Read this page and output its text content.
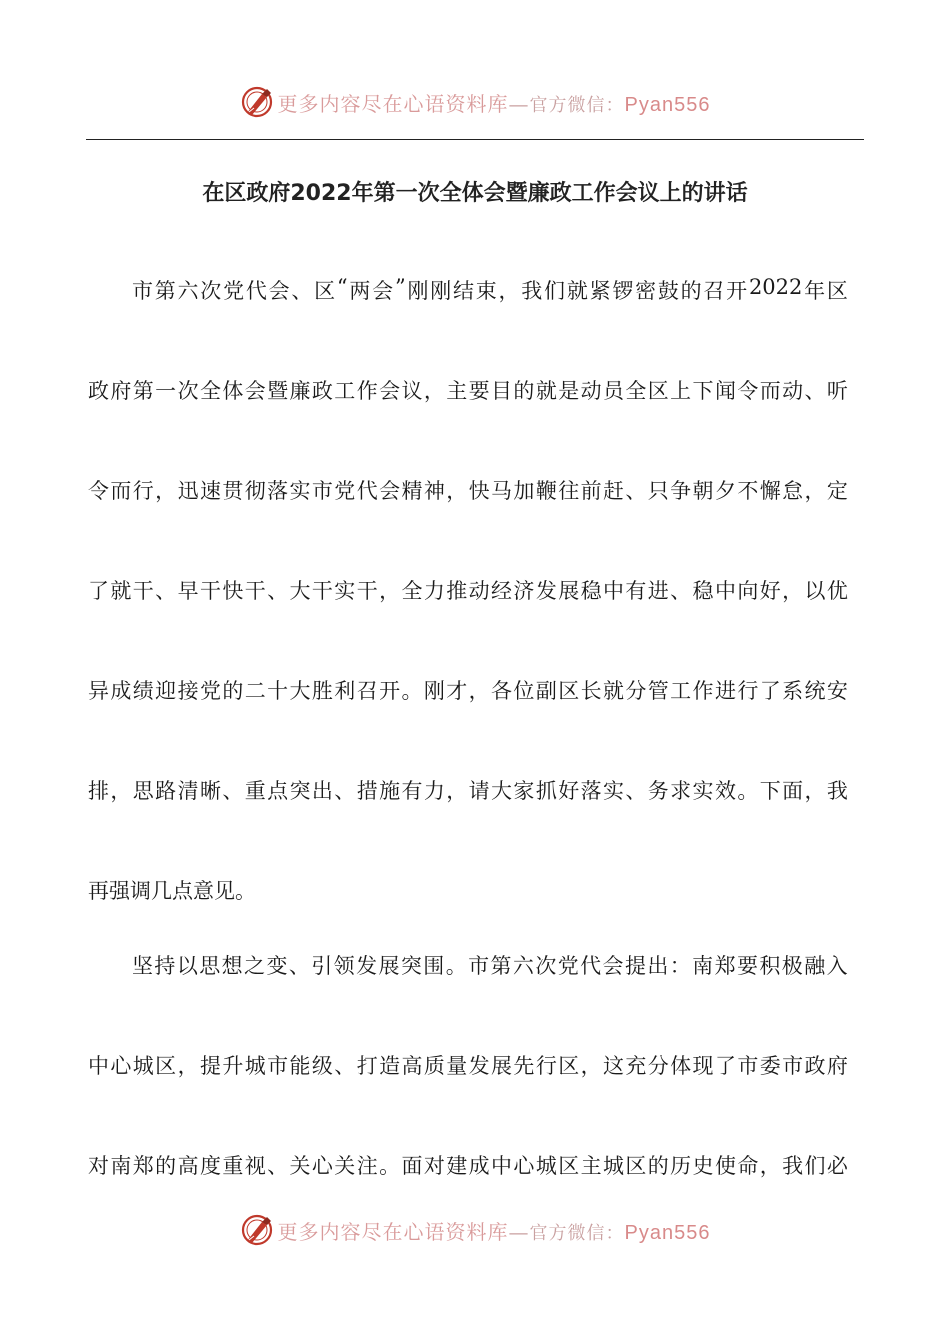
更多内容尽在心语资料库—官方微信：Pyan556
在区政府2022年第一次全体会暨廉政工作会议上的讲话
市 第 六 次 党 代 会 、 区 “ 两 会 ” 刚 刚 结 束 ， 我 们 就 紧 锣 密 鼓 的 召 开 2022 年 区
政 府 第 一 次 全 体 会 暨 廉 政 工 作 会 议 ， 主 要 目 的 就 是 动 员 全 区 上 下 闻 令 而 动 、 听
令 而 行 ， 迅 速 贯 彻 落 实 市 党 代 会 精 神 ， 快 马 加 鞭 往 前 赶 、 只 争 朝 夕 不 懈 怠 ， 定
了 就 干 、 早 干 快 干 、 大 干 实 干 ， 全 力 推 动 经 济 发 展 稳 中 有 进 、 稳 中 向 好 ， 以 优
异 成 绩 迎 接 党 的 二 十 大 胜 利 召 开 。 刚 才 ， 各 位 副 区 长 就 分 管 工 作 进 行 了 系 统 安
排 ， 思 路 清 晰 、 重 点 突 出 、 措 施 有 力 ， 请 大 家 抓 好 落 实 、 务 求 实 效 。 下 面 ， 我
再强调几点意见。
坚 持 以 思 想 之 变 、 引 领 发 展 突 围 。 市 第 六 次 党 代 会 提 出 ： 南 郑 要 积 极 融 入
中 心 城 区 ， 提 升 城 市 能 级 、 打 造 高 质 量 发 展 先 行 区 ， 这 充 分 体 现 了 市 委 市 政 府
对 南 郑 的 高 度 重 视 、 关 心 关 注 。 面 对 建 成 中 心 城 区 主 城 区 的 历 史 使 命 ， 我 们 必
更多内容尽在心语资料库—官方微信：Pyan556
